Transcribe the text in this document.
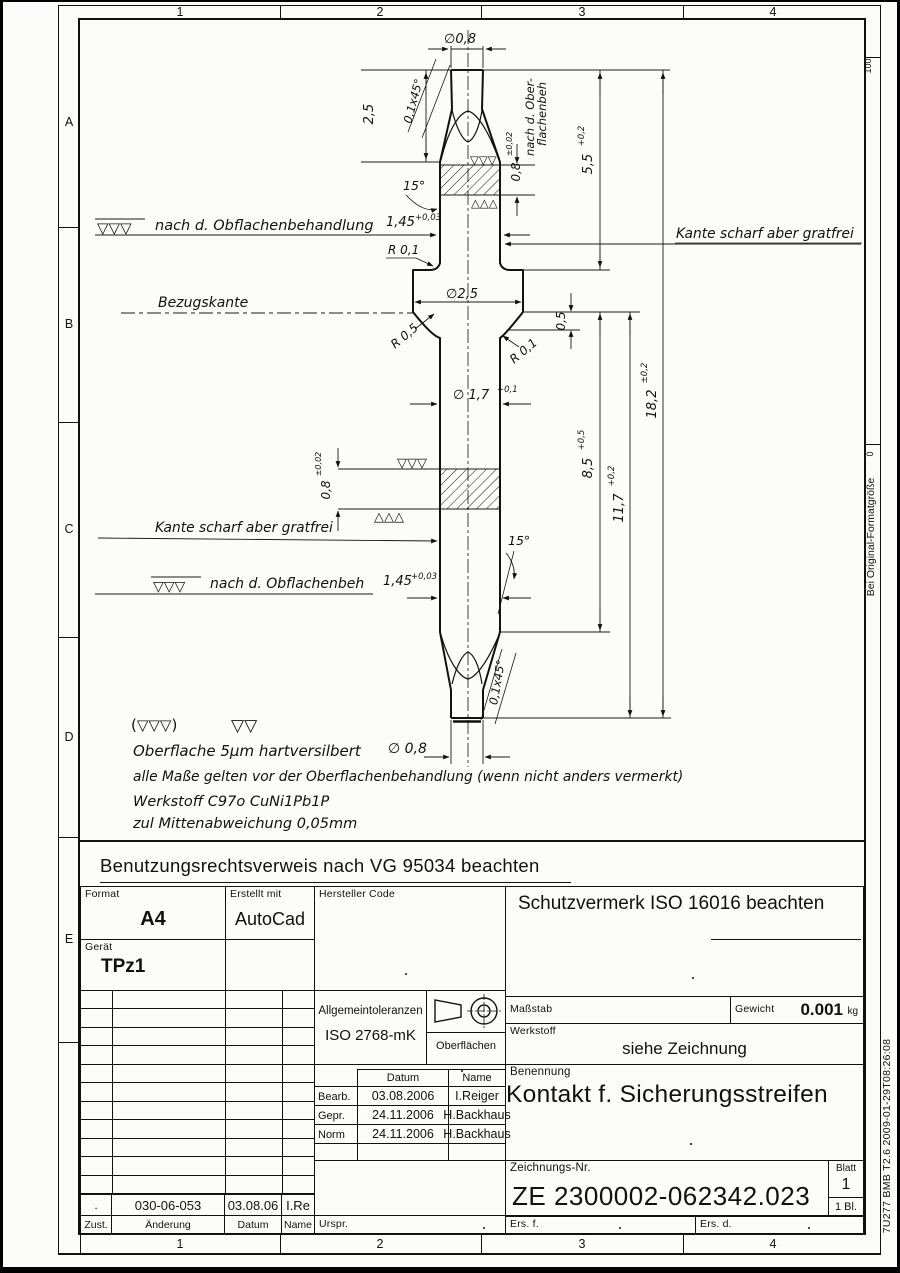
1	2	3	4
1	2	3	4
A
B
C
D
E
100
0
Bei Original-Formatgröße
7U277 BMB T2.6 2009-01-29T08:26:08
∅0,8
2,5 0,1x45°
15°
0,8
±0,02 nach d. Ober-
flachenbeh
5,5
+0,2
▽▽▽ nach d. Obflachenbehandlung 1,45 +0,03
Kante scharf aber gratfrei
R 0,1
Bezugskante
∅2,5
R 0,5	R 0,1
0,5
∅ 1,7 +0,1
0,8
±0,02
▽▽▽
△△△
▽▽▽
△△△
Kante scharf aber gratfrei
15°
▽▽▽ nach d. Obflachenbeh 1,45 +0,03
0,1x45°
∅ 0,8
8,5
+0,5
11,7
+0,2
18,2
±0,2
(▽▽▽)	▽▽
Oberflache 5µm hartversilbert
alle Maße gelten vor der Oberflachenbehandlung (wenn nicht anders vermerkt)
Werkstoff C97o CuNi1Pb1P
zul Mittenabweichung 0,05mm
Benutzungsrechtsverweis nach VG 95034 beachten
Format
A4
Erstellt mit
AutoCad
Gerät
TPz1
Hersteller Code	Schutzvermerk ISO 16016 beachten
.	030-06-053	03.08.06 I.Re
Zust.	Änderung	Datum	Name
Allgemeintoleranzen
ISO 2768-mK
Oberflächen
Datum	Name
Bearb.	03.08.2006	I.Reiger
Gepr.	24.11.2006 H.Backhaus
Norm	24.11.2006 H.Backhaus
Maßstab	Gewicht 0.001 kg
Werkstoff
siehe Zeichnung
Benennung
Kontakt f. Sicherungsstreifen
Zeichnungs-Nr.
ZE 2300002-062342.023
Blatt
1
1 Bl.
Urspr.	Ers. f.	Ers. d.
